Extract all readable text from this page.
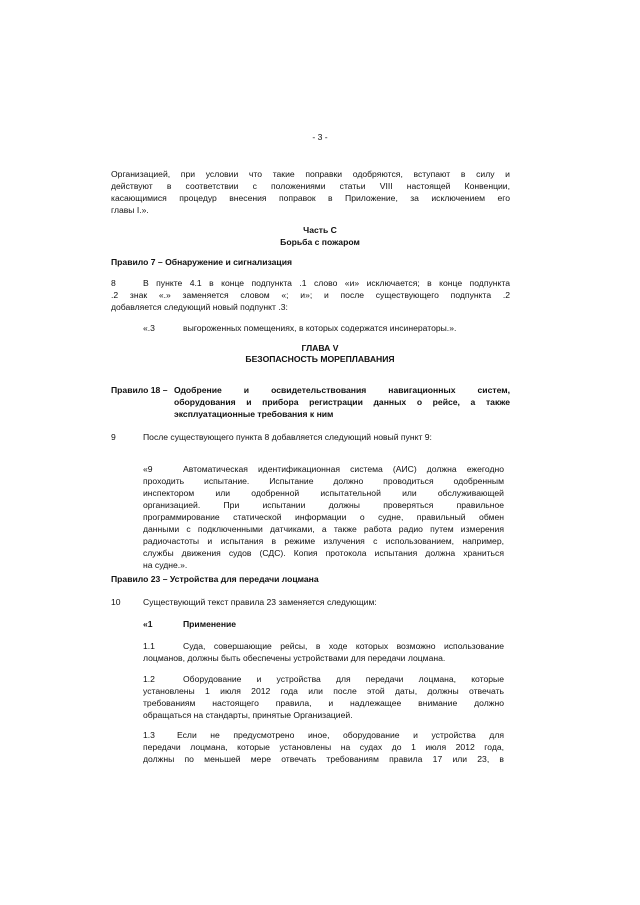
- 3 -
Организацией, при условии что такие поправки одобряются, вступают в силу и
действуют в соответствии с положениями статьи VIII настоящей Конвенции,
касающимися процедур внесения поправок в Приложение, за исключением его
главы I.».
Часть C
Борьба с пожаром
Правило 7 – Обнаружение и сигнализация
8	В пункте 4.1 в конце подпункта .1 слово «и» исключается; в конце подпункта
.2 знак «.» заменяется словом «; и»; и после существующего подпункта .2
добавляется следующий новый подпункт .3:
«.3	выгороженных помещениях, в которых содержатся инсинераторы.».
ГЛАВА V
БЕЗОПАСНОСТЬ МОРЕПЛАВАНИЯ
Правило 18 – Одобрение и освидетельствования навигационных систем,
оборудования и прибора регистрации данных о рейсе, а также
эксплуатационные требования к ним
9	После существующего пункта 8 добавляется следующий новый пункт 9:
«9	Автоматическая идентификационная система (АИС) должна ежегодно
проходить испытание. Испытание должно проводиться одобренным
инспектором или одобренной испытательной или обслуживающей
организацией. При испытании должны проверяться правильное
программирование статической информации о судне, правильный обмен
данными с подключенными датчиками, а также работа радио путем измерения
радиочастоты и испытания в режиме излучения с использованием, например,
службы движения судов (СДС). Копия протокола испытания должна храниться
на судне.».
Правило 23 – Устройства для передачи лоцмана
10	Существующий текст правила 23 заменяется следующим:
«1	Применение
1.1	Суда, совершающие рейсы, в ходе которых возможно использование
лоцманов, должны быть обеспечены устройствами для передачи лоцмана.
1.2	Оборудование и устройства для передачи лоцмана, которые
установлены 1 июля 2012 года или после этой даты, должны отвечать
требованиям настоящего правила, и надлежащее внимание должно
обращаться на стандарты, принятые Организацией.
1.3	Если не предусмотрено иное, оборудование и устройства для
передачи лоцмана, которые установлены на судах до 1 июля 2012 года,
должны по меньшей мере отвечать требованиям правила 17 или 23, в
